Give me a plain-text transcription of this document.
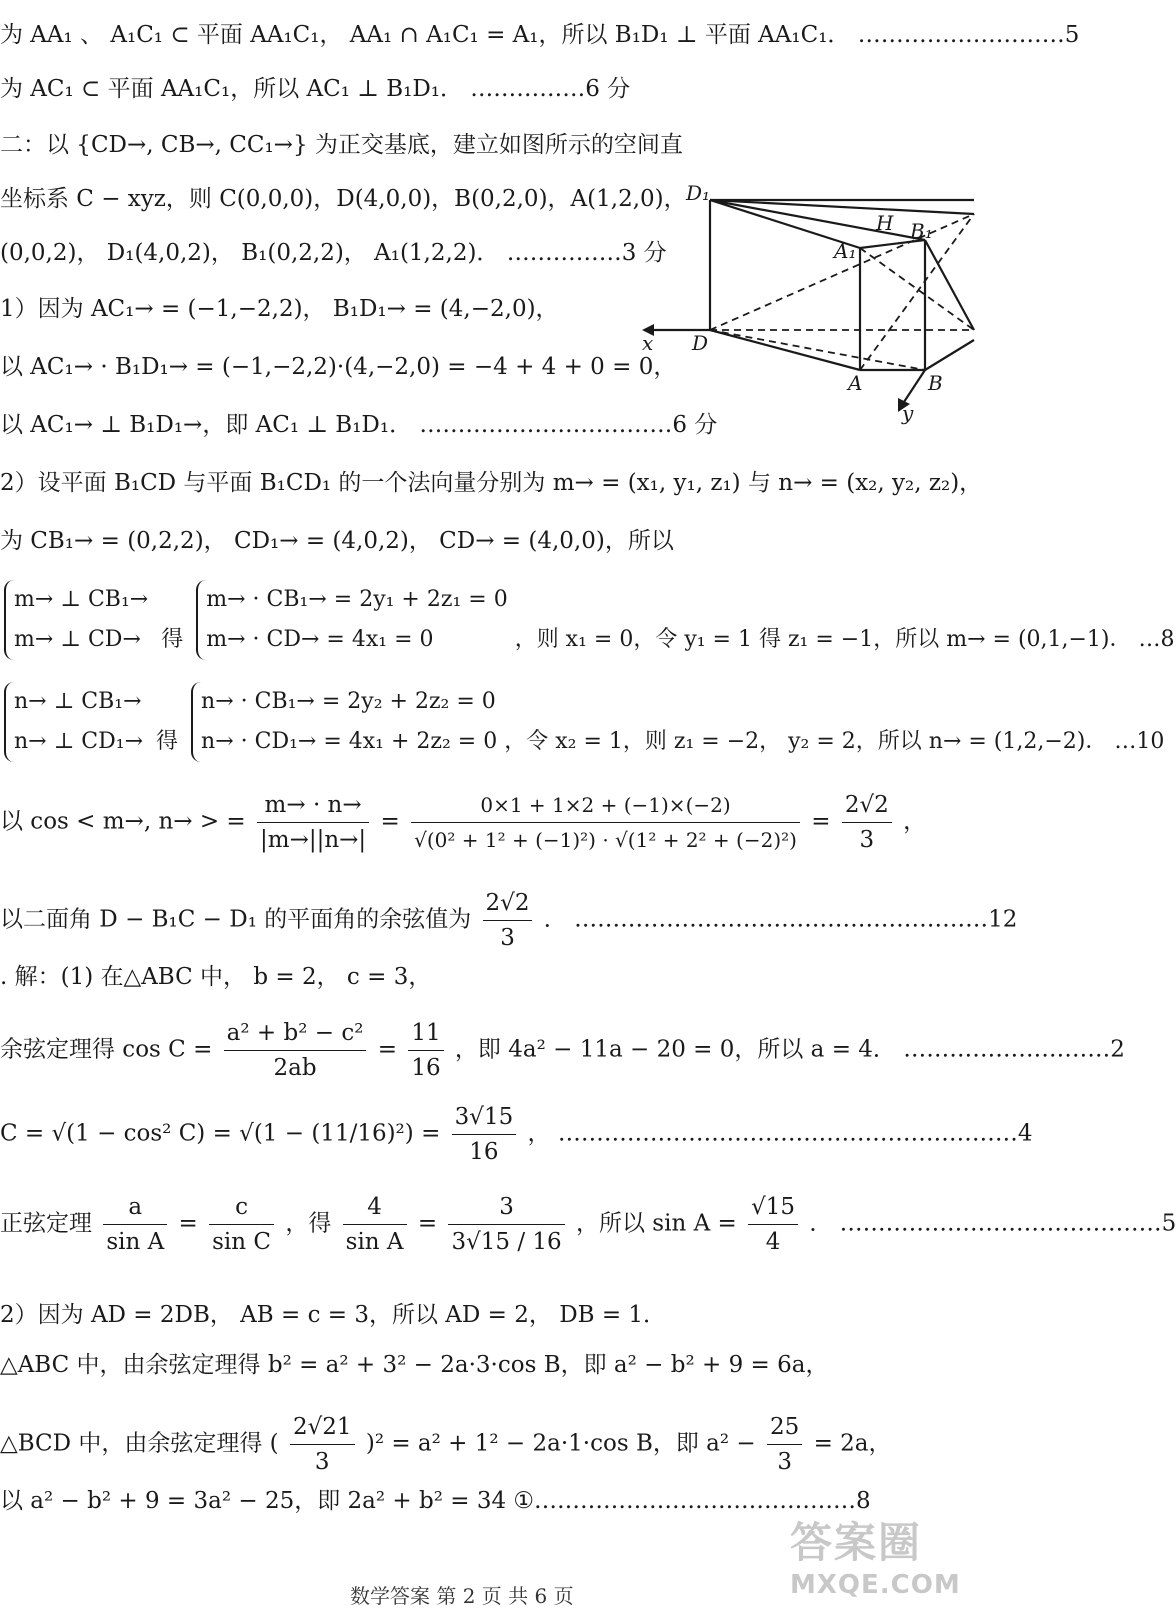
为 AA₁ 、 A₁C₁ ⊂ 平面 AA₁C₁， AA₁ ∩ A₁C₁ = A₁，所以 B₁D₁ ⊥ 平面 AA₁C₁． ………………………5
为 AC₁ ⊂ 平面 AA₁C₁，所以 AC₁ ⊥ B₁D₁． ……………6 分
二：以 {CD→, CB→, CC₁→} 为正交基底，建立如图所示的空间直
坐标系 C − xyz，则 C(0,0,0)，D(4,0,0)，B(0,2,0)，A(1,2,0)，
(0,0,2)， D₁(4,0,2)， B₁(0,2,2)， A₁(1,2,2)． ……………3 分
1）因为 AC₁→ = (−1,−2,2)， B₁D₁→ = (4,−2,0)，
以 AC₁→ · B₁D₁→ = (−1,−2,2)·(4,−2,0) = −4 + 4 + 0 = 0，
以 AC₁→ ⊥ B₁D₁→，即 AC₁ ⊥ B₁D₁． ……………………………6 分
2）设平面 B₁CD 与平面 B₁CD₁ 的一个法向量分别为 m→ = (x₁, y₁, z₁) 与 n→ = (x₂, y₂, z₂)，
为 CB₁→ = (0,2,2)， CD₁→ = (4,0,2)， CD→ = (4,0,0)，所以
m→ ⊥ CB₁→
m→ ⊥ CD→ 得 m→ · CB₁→ = 2y₁ + 2z₁ = 0
m→ · CD→ = 4x₁ = 0	，则 x₁ = 0，令 y₁ = 1 得 z₁ = −1，所以 m→ = (0,1,−1)． …8
n→ ⊥ CB₁→
n→ ⊥ CD₁→ 得 n→ · CB₁→ = 2y₂ + 2z₂ = 0
n→ · CD₁→ = 4x₁ + 2z₂ = 0 ，令 x₂ = 1，则 z₁ = −2， y₂ = 2，所以 n→ = (1,2,−2)． …10
以 cos < m→, n→ > = $\frac{m\to \cdot n\to}{|m\to||n\to|} = \frac{0\times 1 + 1\times 2 + (-1)\times(-2)}{\text{√(0² + 1² + (−1)²) · √(1² + 2² + (−2)²)}} = \frac{2√2}{3}$ ，
以二面角 D − B₁C − D₁ 的平面角的余弦值为 $\frac{2√2}{3}$ ． ………………………………………………12
. 解：(1) 在△ABC 中， b = 2， c = 3，
余弦定理得 $\cos C = \frac{\text{a² + b² − c²}}{2ab} = \frac{11}{16}$ ，即 4a² − 11a − 20 = 0，所以 a = 4． ………………………2
C = √(1 − cos² $C) = √(1 - (11/16)^2) = \frac{3√15}{16}$ ， ……………………………………………………4
正弦定理 $\frac{a}{\text{sin A}} = \frac{c}{\text{sin C}}$ ，得 $\frac{4}{\text{sin A}} = \frac{3}{3√15 / 16}$ ，所以 $\sin A = \frac{√15}{4}$ ． ……………………………………5
2）因为 AD = 2DB， AB = c = 3，所以 AD = 2， DB = 1．
△ABC 中，由余弦定理得 b² = a² + 3² − 2a·3·cos B，即 a² − b² + 9 = 6a，
△BCD 中，由余弦定理得 ( $\frac{2√21}{3} )^2 = a^2 + 1^2 - 2a\cdot 1\cdot\cos$ B，即 $a^2 - \frac{25}{3} = 2a$，
以 a² − b² + 9 = 3a² − 25，即 2a² + b² = 34 ①……………………………………8
D₁
H B₁
A₁
x D
A	B
y
答案圈
MXQE.COM
数学答案 第 2 页 共 6 页
